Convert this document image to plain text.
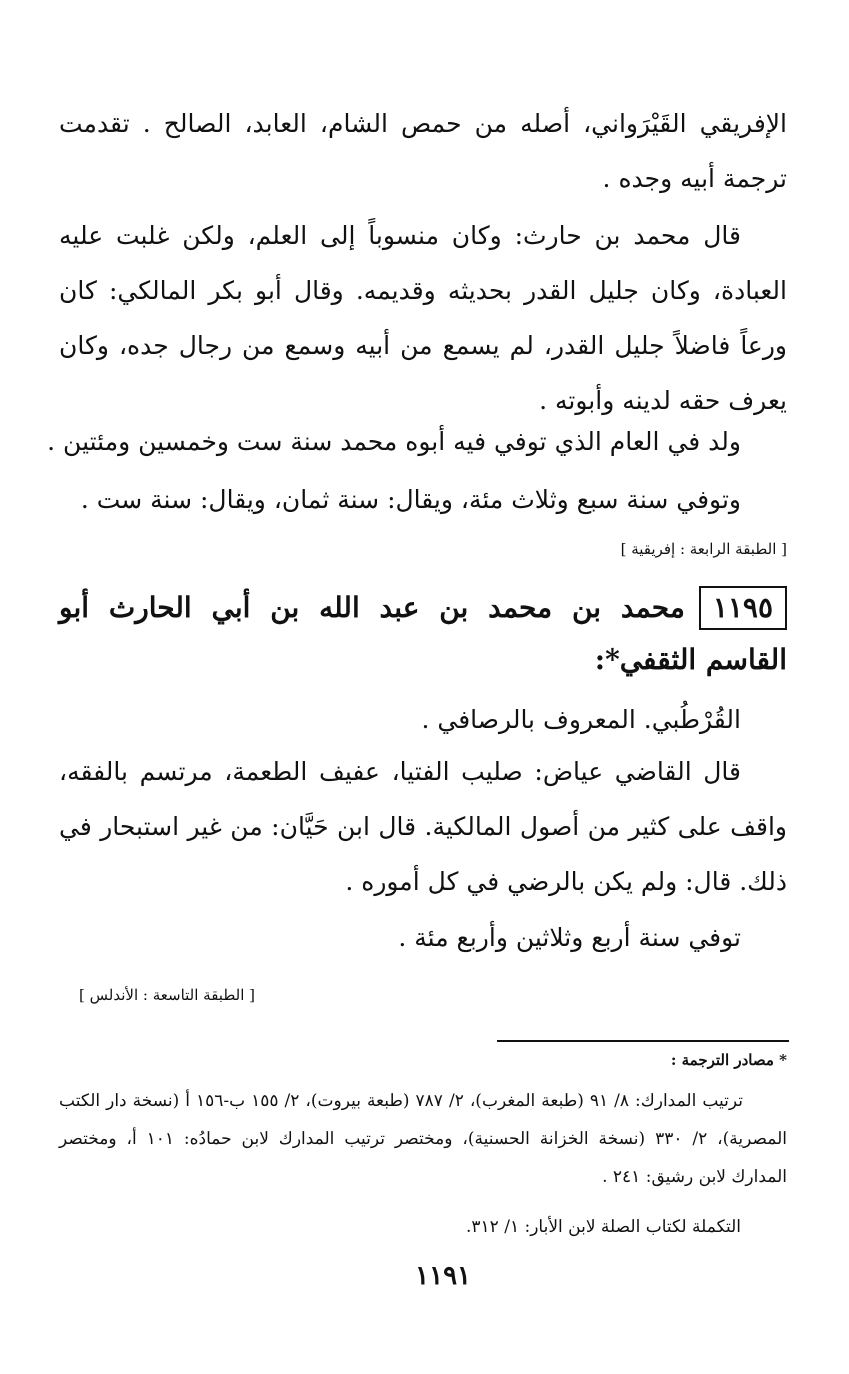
الإفريقي القَيْرَواني، أصله من حمص الشام، العابد، الصالح . تقدمت ترجمة أبيه وجده .

قال محمد بن حارث: وكان منسوباً إلى العلم، ولكن غلبت عليه العبادة، وكان جليل القدر بحديثه وقديمه. وقال أبو بكر المالكي: كان ورعاً فاضلاً جليل القدر، لم يسمع من أبيه وسمع من رجال جده، وكان يعرف حقه لدينه وأبوته .

ولد في العام الذي توفي فيه أبوه محمد سنة ست وخمسين ومئتين .

وتوفي سنة سبع وثلاث مئة، ويقال: سنة ثمان، ويقال: سنة ست .

[ الطبقة الرابعة : إفريقية ]

١١٩٥محمد بن محمد بن عبد الله بن أبي الحارث أبو القاسم الثقفي*:

القُرْطُبي. المعروف بالرصافي .

قال القاضي عياض: صليب الفتيا، عفيف الطعمة، مرتسم بالفقه، واقف على كثير من أصول المالكية. قال ابن حَيَّان: من غير استبحار في ذلك. قال: ولم يكن بالرضي في كل أموره .

توفي سنة أربع وثلاثين وأربع مئة .

[ الطبقة التاسعة : الأندلس ]

* مصادر الترجمة :

ترتيب المدارك: ٨/ ٩١ (طبعة المغرب)، ٢/ ٧٨٧ (طبعة بيروت)، ٢/ ١٥٥ ب-١٥٦ أ (نسخة دار الكتب المصرية)، ٢/ ٣٣٠ (نسخة الخزانة الحسنية)، ومختصر ترتيب المدارك لابن حمادُه: ١٠١ أ، ومختصر المدارك لابن رشيق: ٢٤١ .

التكملة لكتاب الصلة لابن الأبار: ١/ ٣١٢.

١١٩١
